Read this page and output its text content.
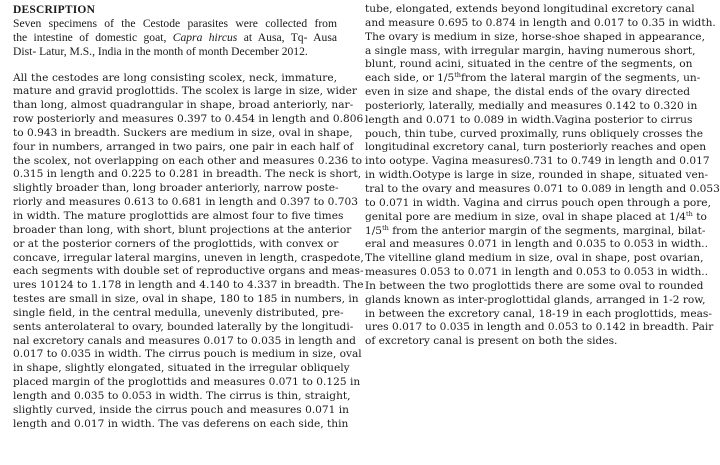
DESCRIPTION
Seven specimens of the Cestode parasites were collected from
the intestine of domestic goat, Capra hircus at Ausa, Tq- Ausa
Dist- Latur, M.S., India in the month of month December 2012.
All the cestodes are long consisting scolex, neck, immature,
mature and gravid proglottids. The scolex is large in size, wider
than long, almost quadrangular in shape, broad anteriorly, nar-
row posteriorly and measures 0.397 to 0.454 in length and 0.806
to 0.943 in breadth. Suckers are medium in size, oval in shape,
four in numbers, arranged in two pairs, one pair in each half of
the scolex, not overlapping on each other and measures 0.236 to
0.315 in length and 0.225 to 0.281 in breadth. The neck is short,
slightly broader than, long broader anteriorly, narrow poste-
riorly and measures 0.613 to 0.681 in length and 0.397 to 0.703
in width. The mature proglottids are almost four to five times
broader than long, with short, blunt projections at the anterior
or at the posterior corners of the proglottids, with convex or
concave, irregular lateral margins, uneven in length, craspedote,
each segments with double set of reproductive organs and meas-
ures 10124 to 1.178 in length and 4.140 to 4.337 in breadth. The
testes are small in size, oval in shape, 180 to 185 in numbers, in
single field, in the central medulla, unevenly distributed, pre-
sents anterolateral to ovary, bounded laterally by the longitudi-
nal excretory canals and measures 0.017 to 0.035 in length and
0.017 to 0.035 in width. The cirrus pouch is medium in size, oval
in shape, slightly elongated, situated in the irregular obliquely
placed margin of the proglottids and measures 0.071 to 0.125 in
length and 0.035 to 0.053 in width. The cirrus is thin, straight,
slightly curved, inside the cirrus pouch and measures 0.071 in
length and 0.017 in width. The vas deferens on each side, thin
tube, elongated, extends beyond longitudinal excretory canal
and measure 0.695 to 0.874 in length and 0.017 to 0.35 in width.
The ovary is medium in size, horse-shoe shaped in appearance,
a single mass, with irregular margin, having numerous short,
blunt, round acini, situated in the centre of the segments, on
each side, or 1/5thfrom the lateral margin of the segments, un-
even in size and shape, the distal ends of the ovary directed
posteriorly, laterally, medially and measures 0.142 to 0.320 in
length and 0.071 to 0.089 in width.Vagina posterior to cirrus
pouch, thin tube, curved proximally, runs obliquely crosses the
longitudinal excretory canal, turn posteriorly reaches and open
into ootype. Vagina measures0.731 to 0.749 in length and 0.017
in width.Ootype is large in size, rounded in shape, situated ven-
tral to the ovary and measures 0.071 to 0.089 in length and 0.053
to 0.071 in width. Vagina and cirrus pouch open through a pore,
genital pore are medium in size, oval in shape placed at 1/4th to
1/5th from the anterior margin of the segments, marginal, bilat-
eral and measures 0.071 in length and 0.035 to 0.053 in width..
The vitelline gland medium in size, oval in shape, post ovarian,
measures 0.053 to 0.071 in length and 0.053 to 0.053 in width..
In between the two proglottids there are some oval to rounded
glands known as inter-proglottidal glands, arranged in 1-2 row,
in between the excretory canal, 18-19 in each proglottids, meas-
ures 0.017 to 0.035 in length and 0.053 to 0.142 in breadth. Pair
of excretory canal is present on both the sides.
